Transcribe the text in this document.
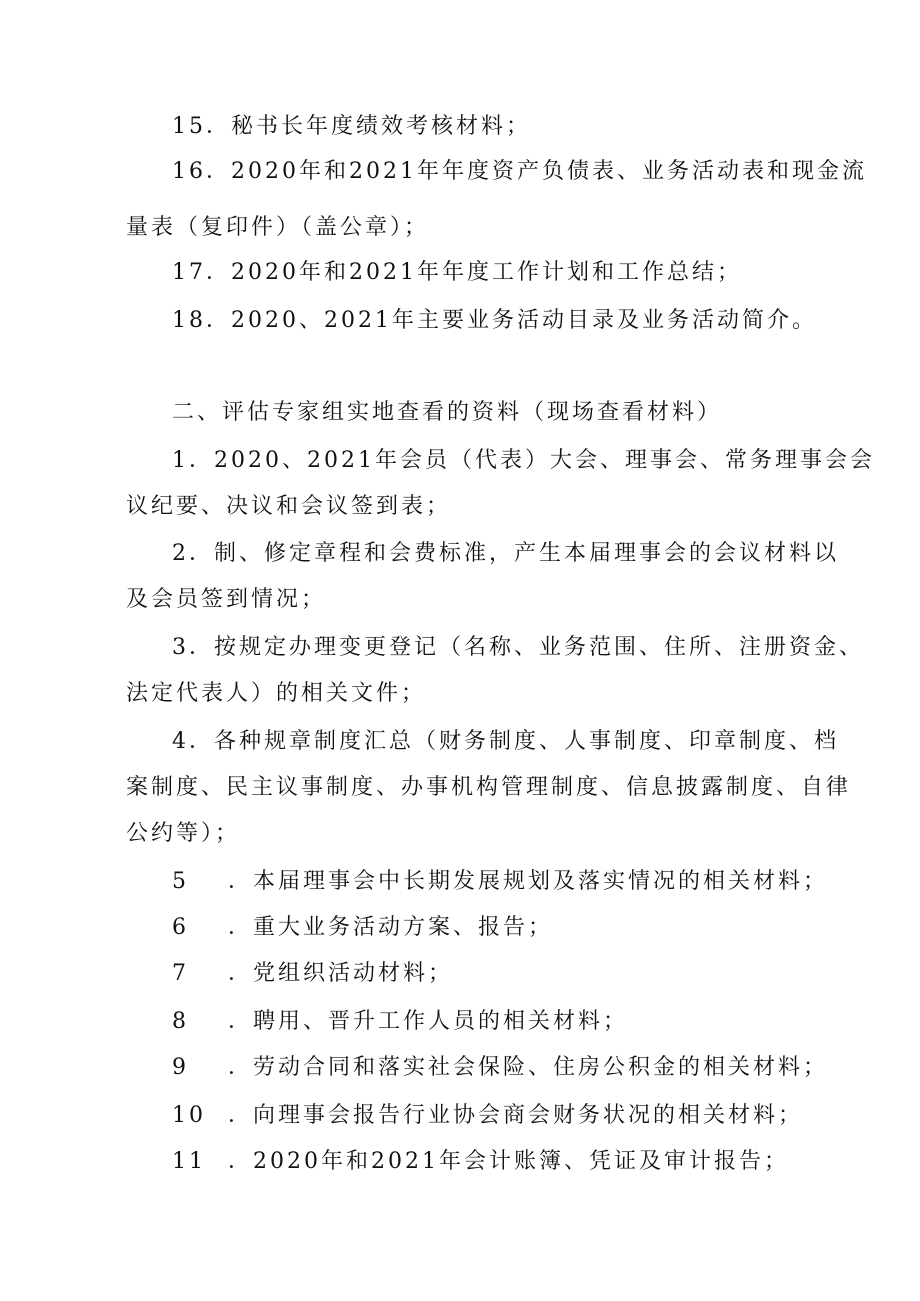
15．秘书长年度绩效考核材料；
16．2020年和2021年年度资产负债表、业务活动表和现金流
量表（复印件）（盖公章）；
17．2020年和2021年年度工作计划和工作总结；
18．2020、2021年主要业务活动目录及业务活动简介。
二、评估专家组实地查看的资料（现场查看材料）
1．2020、2021年会员（代表）大会、理事会、常务理事会会
议纪要、决议和会议签到表；
2．制、修定章程和会费标准，产生本届理事会的会议材料以
及会员签到情况；
3．按规定办理变更登记（名称、业务范围、住所、注册资金、
法定代表人）的相关文件；
4．各种规章制度汇总（财务制度、人事制度、印章制度、档
案制度、民主议事制度、办事机构管理制度、信息披露制度、自律
公约等）；
5 ．本届理事会中长期发展规划及落实情况的相关材料；
6 ．重大业务活动方案、报告；
7 ．党组织活动材料；
8 ．聘用、晋升工作人员的相关材料；
9 ．劳动合同和落实社会保险、住房公积金的相关材料；
10 ．向理事会报告行业协会商会财务状况的相关材料；
11 ．2020年和2021年会计账簿、凭证及审计报告；
